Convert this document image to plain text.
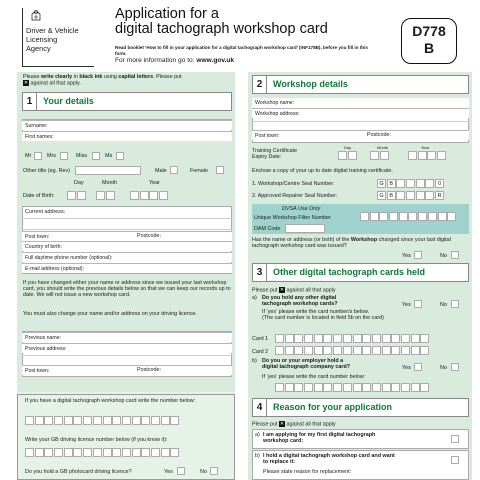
Driver & Vehicle
Licensing
Agency
Application for a
digital tachograph workshop card
Read booklet ‘How to fill in your application for a digital tachograph workshop card’ (INF178B), before you fill in this form.
For more information go to: www.gov.uk
D778
B
Please write clearly in black ink using capital letters. Please put
✕ against all that apply.
1	Your details
Surname:
First names:
Mr	Mrs	Miss	Ms
Other title (eg. Rev)	Male	Female
Day	Month	Year
Date of Birth:
Current address:
Post town:	Postcode:
Country of birth:
Full daytime phone number (optional):
E-mail address (optional):
If you have changed either your name or address since we issued your last workshop card, you should write the previous details below so that we can keep our records up to date. We will not issue a new workshop card.
You must also change your name and/or address on your driving licence.
Previous name:
Previous address:
Post town:	Postcode:
If you have a digital tachograph workshop card write the number below:
Write your GB driving licence number below (if you know it):
Do you hold a GB photocard driving licence?	Yes	No
2	Workshop details
Workshop name:
Workshop address:
Post town:	Postcode:
Training Certificate
Expiry Date:
Day	Month	Year
Enclose a copy of your up to date digital training certificate.
1. Workshop/Centre Seal Number:	G	B	0
2. Approved Repairer Seal Number:	G	B	R
DVSA Use Only
Unique Workshop Filter Number
DAM Code
Has the name or address (or both) of the Workshop changed since your last digital tachograph workshop card was issued?
Yes	No
3	Other digital tachograph cards held
Please put ✕ against all that apply
a) Do you hold any other digital
tachograph workshop cards?	Yes	No
If ‘yes’ please write the card number/s below.
(The card number is located in field 5b on the card)
Card 1
Card 2
b) Do you or your employer hold a
digital tachograph company card?	Yes	No
If ‘yes’ please write the card number below:
4	Reason for your application
Please put ✕ against all that apply
a) I am applying for my first digital tachograph
workshop card:
b) I hold a digital tachograph workshop card and want
to replace it:
Please state reason for replacement:
